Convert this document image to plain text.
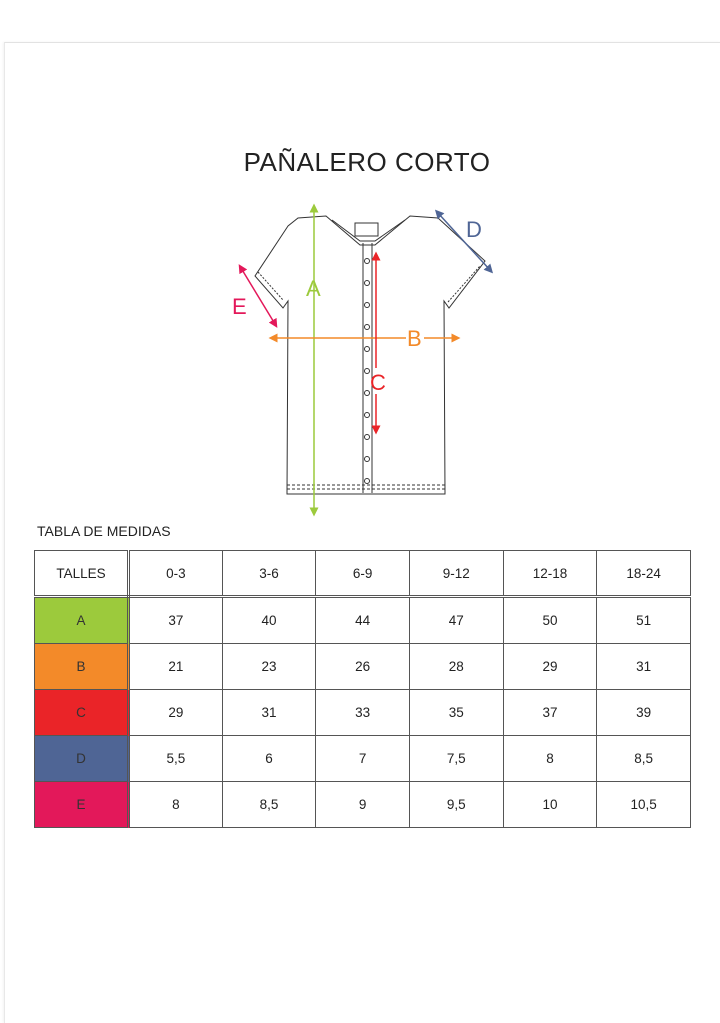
PAÑALERO CORTO
A
B
C
D
E
TABLA DE MEDIDAS
TALLES	0-3	3-6	6-9	9-12	12-18	18-24
A	37	40	44	47	50	51
B	21	23	26	28	29	31
C	29	31	33	35	37	39
D	5,5	6	7	7,5	8	8,5
E	8	8,5	9	9,5	10	10,5
